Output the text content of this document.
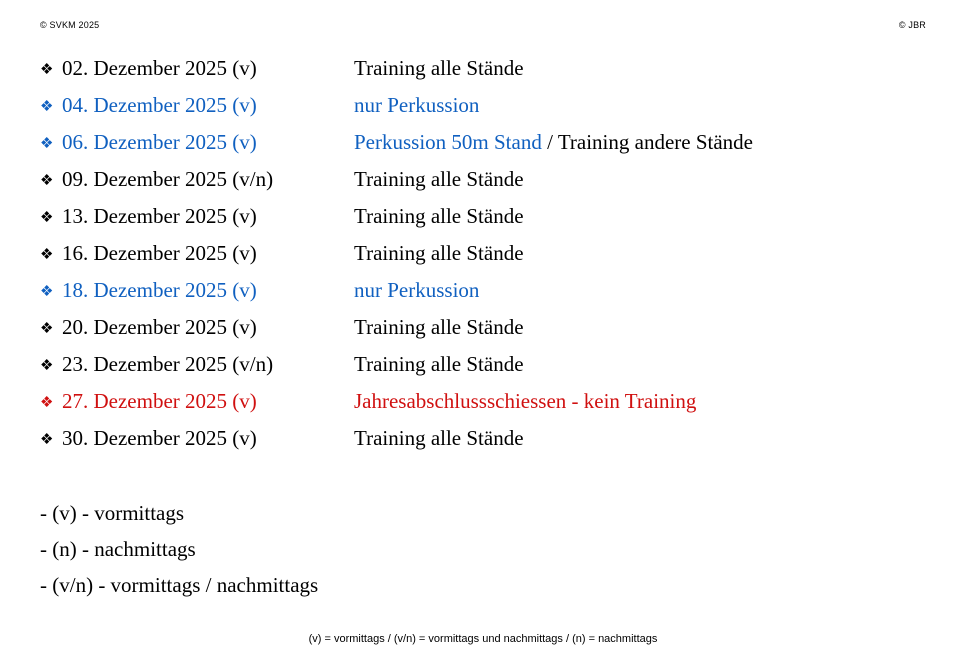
© SVKM 2025	© JBR
❖ 02. Dezember 2025 (v)	Training alle Stände
❖ 04. Dezember 2025 (v)	nur Perkussion
❖ 06. Dezember 2025 (v)	Perkussion 50m Stand / Training andere Stände
❖ 09. Dezember 2025 (v/n)	Training alle Stände
❖ 13. Dezember 2025 (v)	Training alle Stände
❖ 16. Dezember 2025 (v)	Training alle Stände
❖ 18. Dezember 2025 (v)	nur Perkussion
❖ 20. Dezember 2025 (v)	Training alle Stände
❖ 23. Dezember 2025 (v/n)	Training alle Stände
❖ 27. Dezember 2025 (v)	Jahresabschlussschiessen - kein Training
❖ 30. Dezember 2025 (v)	Training alle Stände
- (v) - vormittags
- (n) - nachmittags
- (v/n) - vormittags / nachmittags
(v) = vormittags / (v/n) = vormittags und nachmittags / (n) = nachmittags
